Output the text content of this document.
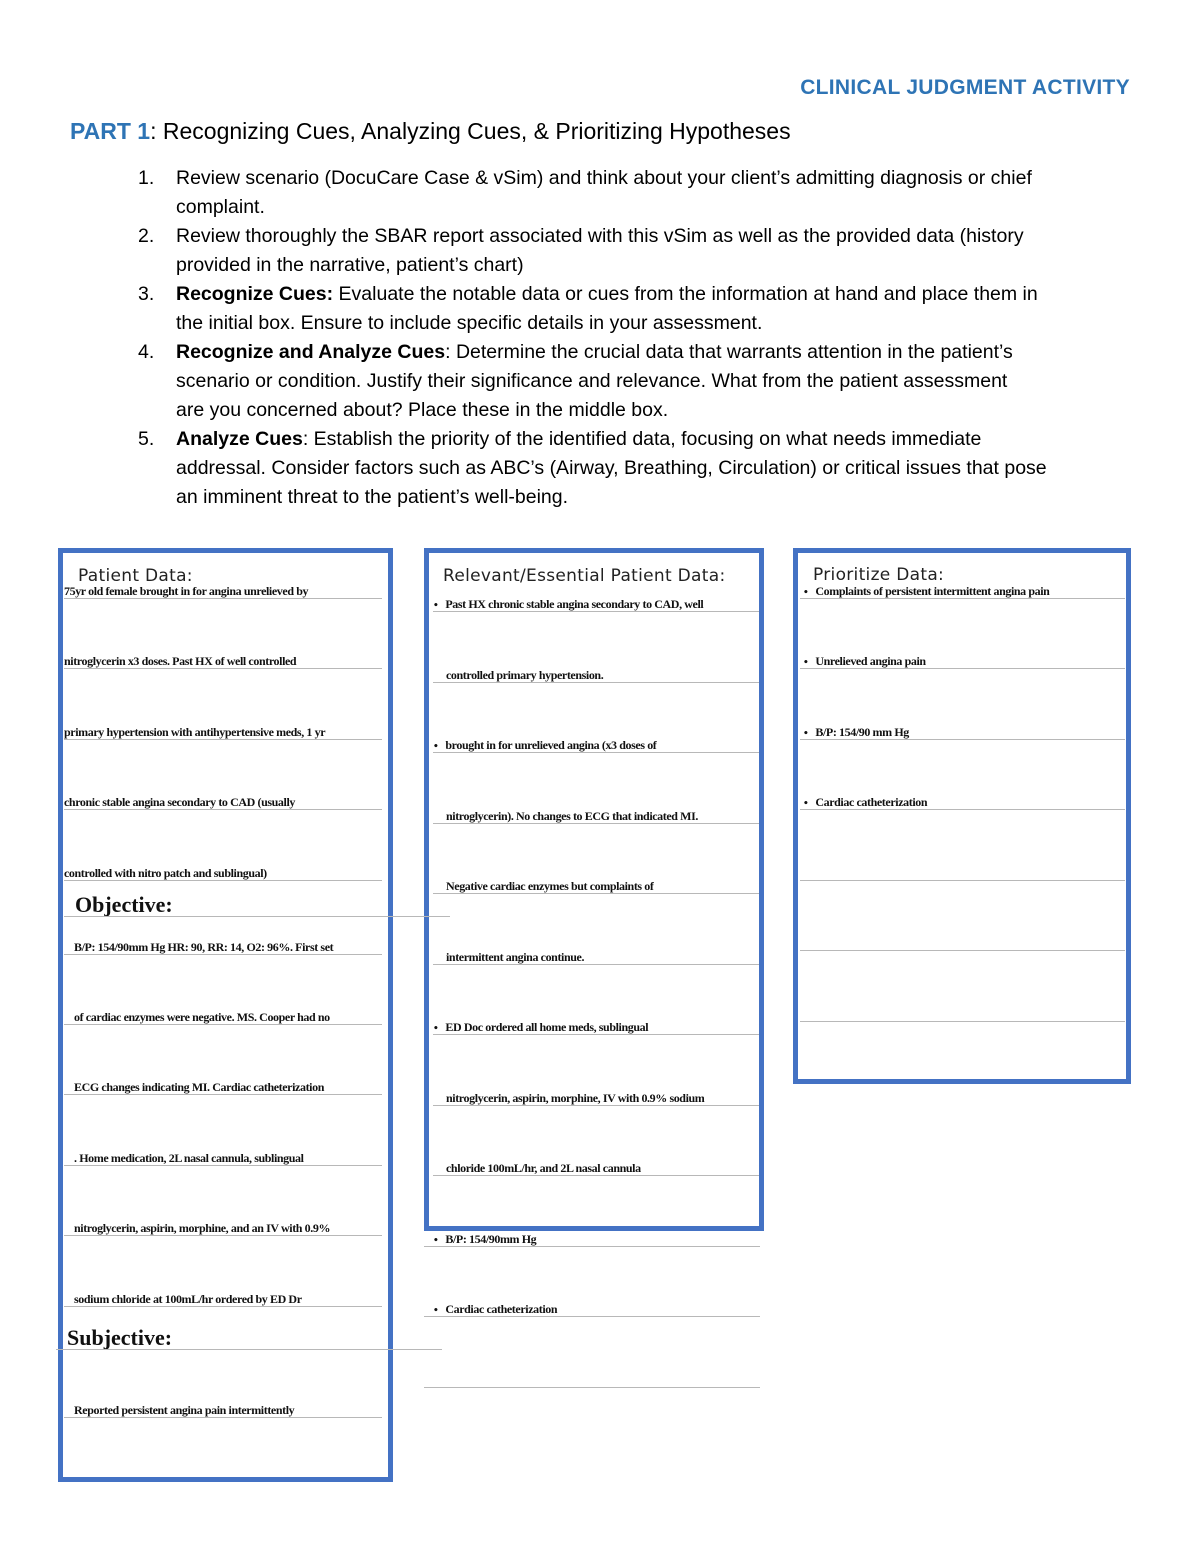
CLINICAL JUDGMENT ACTIVITY
PART 1: Recognizing Cues, Analyzing Cues, & Prioritizing Hypotheses
1. Review scenario (DocuCare Case & vSim) and think about your client’s admitting diagnosis or chief
complaint.
2. Review thoroughly the SBAR report associated with this vSim as well as the provided data (history
provided in the narrative, patient’s chart)
3. Recognize Cues: Evaluate the notable data or cues from the information at hand and place them in
the initial box. Ensure to include specific details in your assessment.
4. Recognize and Analyze Cues: Determine the crucial data that warrants attention in the patient’s
scenario or condition. Justify their significance and relevance. What from the patient assessment
are you concerned about? Place these in the middle box.
5. Analyze Cues: Establish the priority of the identified data, focusing on what needs immediate
addressal. Consider factors such as ABC’s (Airway, Breathing, Circulation) or critical issues that pose
an imminent threat to the patient’s well-being.
Patient Data:
75yr old female brought in for angina unrelieved by
nitroglycerin x3 doses. Past HX of well controlled
primary hypertension with antihypertensive meds, 1 yr
chronic stable angina secondary to CAD (usually
controlled with nitro patch and sublingual)
Objective:
B/P: 154/90mm Hg HR: 90, RR: 14, O2: 96%. First set
of cardiac enzymes were negative. MS. Cooper had no
ECG changes indicating MI. Cardiac catheterization
. Home medication, 2L nasal cannula, sublingual
nitroglycerin, aspirin, morphine, and an IV with 0.9%
sodium chloride at 100mL/hr ordered by ED Dr
Subjective:
Reported persistent angina pain intermittently
Relevant/Essential Patient Data:
• Past HX chronic stable angina secondary to CAD, well
controlled primary hypertension.
• brought in for unrelieved angina (x3 doses of
nitroglycerin). No changes to ECG that indicated MI.
Negative cardiac enzymes but complaints of
intermittent angina continue.
• ED Doc ordered all home meds, sublingual
nitroglycerin, aspirin, morphine, IV with 0.9% sodium
chloride 100mL/hr, and 2L nasal cannula
• B/P: 154/90mm Hg
• Cardiac catheterization
Prioritize Data:
• Complaints of persistent intermittent angina pain
• Unrelieved angina pain
• B/P: 154/90 mm Hg
• Cardiac catheterization
